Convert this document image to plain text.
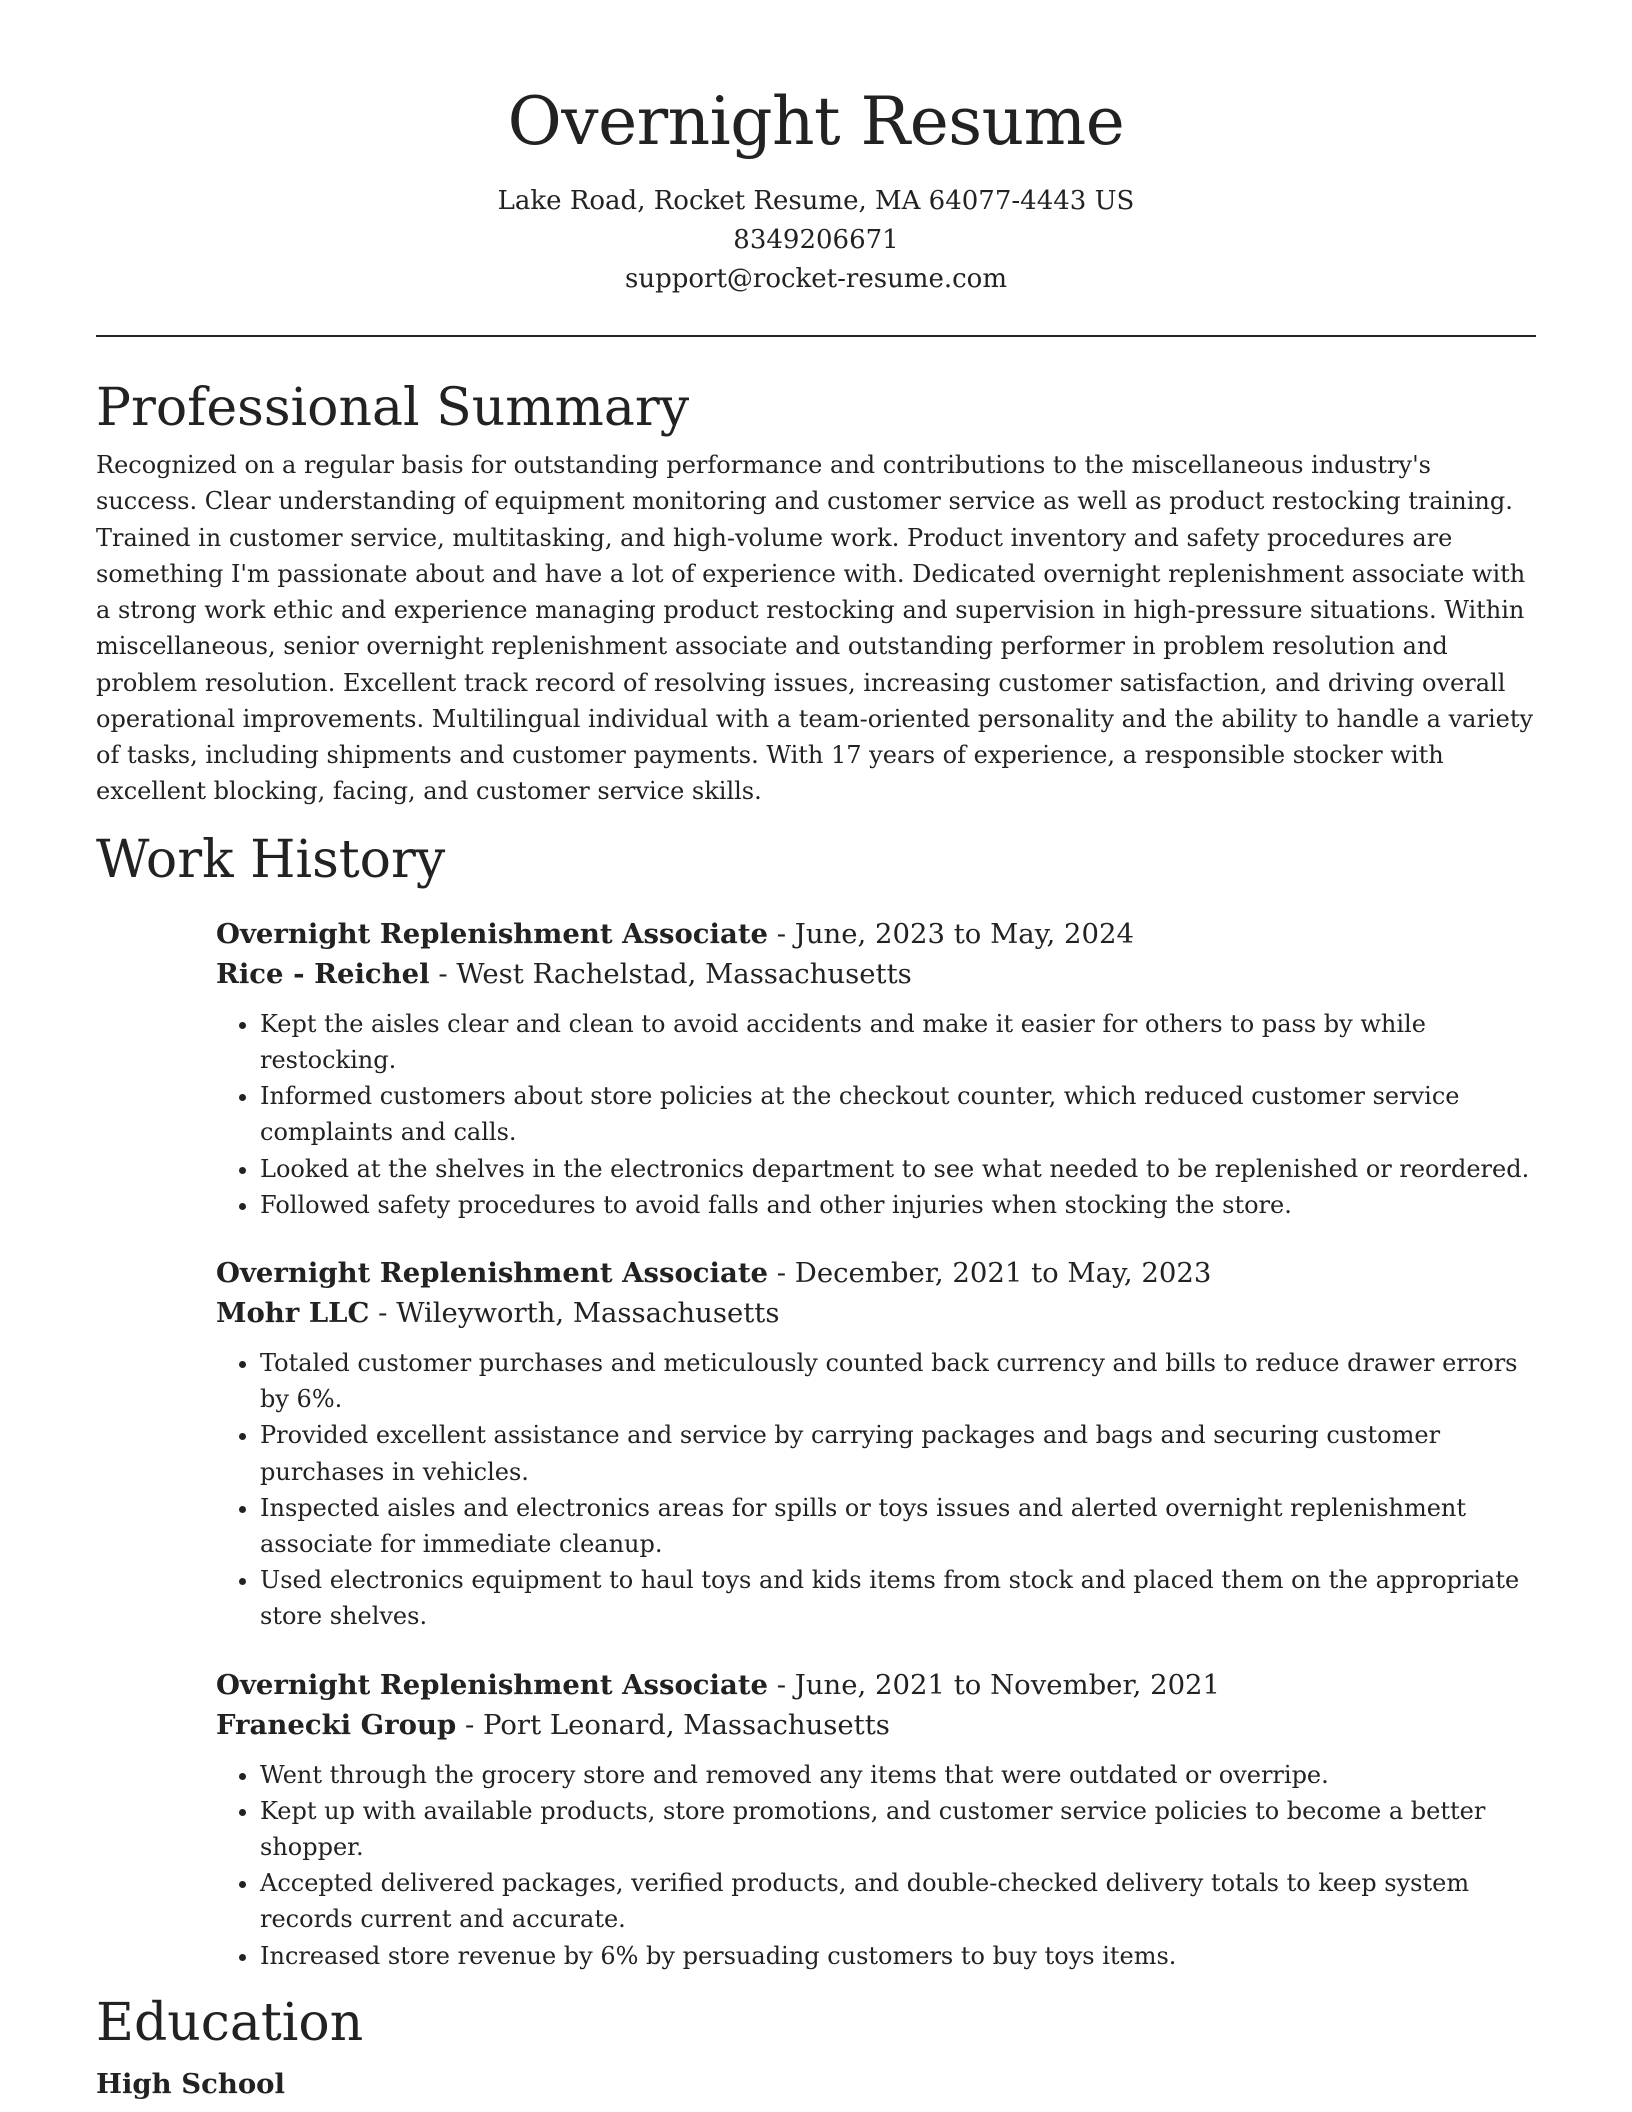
Overnight Resume

Lake Road, Rocket Resume, MA 64077-4443 US

8349206671

support@rocket-resume.com

Professional Summary

Recognized on a regular basis for outstanding performance and contributions to the miscellaneous industry's success. Clear understanding of equipment monitoring and customer service as well as product restocking training. Trained in customer service, multitasking, and high-volume work. Product inventory and safety procedures are something I'm passionate about and have a lot of experience with. Dedicated overnight replenishment associate with a strong work ethic and experience managing product restocking and supervision in high-pressure situations. Within miscellaneous, senior overnight replenishment associate and outstanding performer in problem resolution and problem resolution. Excellent track record of resolving issues, increasing customer satisfaction, and driving overall operational improvements. Multilingual individual with a team-oriented personality and the ability to handle a variety of tasks, including shipments and customer payments. With 17 years of experience, a responsible stocker with excellent blocking, facing, and customer service skills.

Work History

Overnight Replenishment Associate - June, 2023 to May, 2024

Rice - Reichel - West Rachelstad, Massachusetts

• Kept the aisles clear and clean to avoid accidents and make it easier for others to pass by while restocking.
• Informed customers about store policies at the checkout counter, which reduced customer service complaints and calls.
• Looked at the shelves in the electronics department to see what needed to be replenished or reordered.
• Followed safety procedures to avoid falls and other injuries when stocking the store.

Overnight Replenishment Associate - December, 2021 to May, 2023

Mohr LLC - Wileyworth, Massachusetts

• Totaled customer purchases and meticulously counted back currency and bills to reduce drawer errors by 6%.
• Provided excellent assistance and service by carrying packages and bags and securing customer purchases in vehicles.
• Inspected aisles and electronics areas for spills or toys issues and alerted overnight replenishment associate for immediate cleanup.
• Used electronics equipment to haul toys and kids items from stock and placed them on the appropriate store shelves.

Overnight Replenishment Associate - June, 2021 to November, 2021

Franecki Group - Port Leonard, Massachusetts

• Went through the grocery store and removed any items that were outdated or overripe.
• Kept up with available products, store promotions, and customer service policies to become a better shopper.
• Accepted delivered packages, verified products, and double-checked delivery totals to keep system records current and accurate.
• Increased store revenue by 6% by persuading customers to buy toys items.
Education

High School
